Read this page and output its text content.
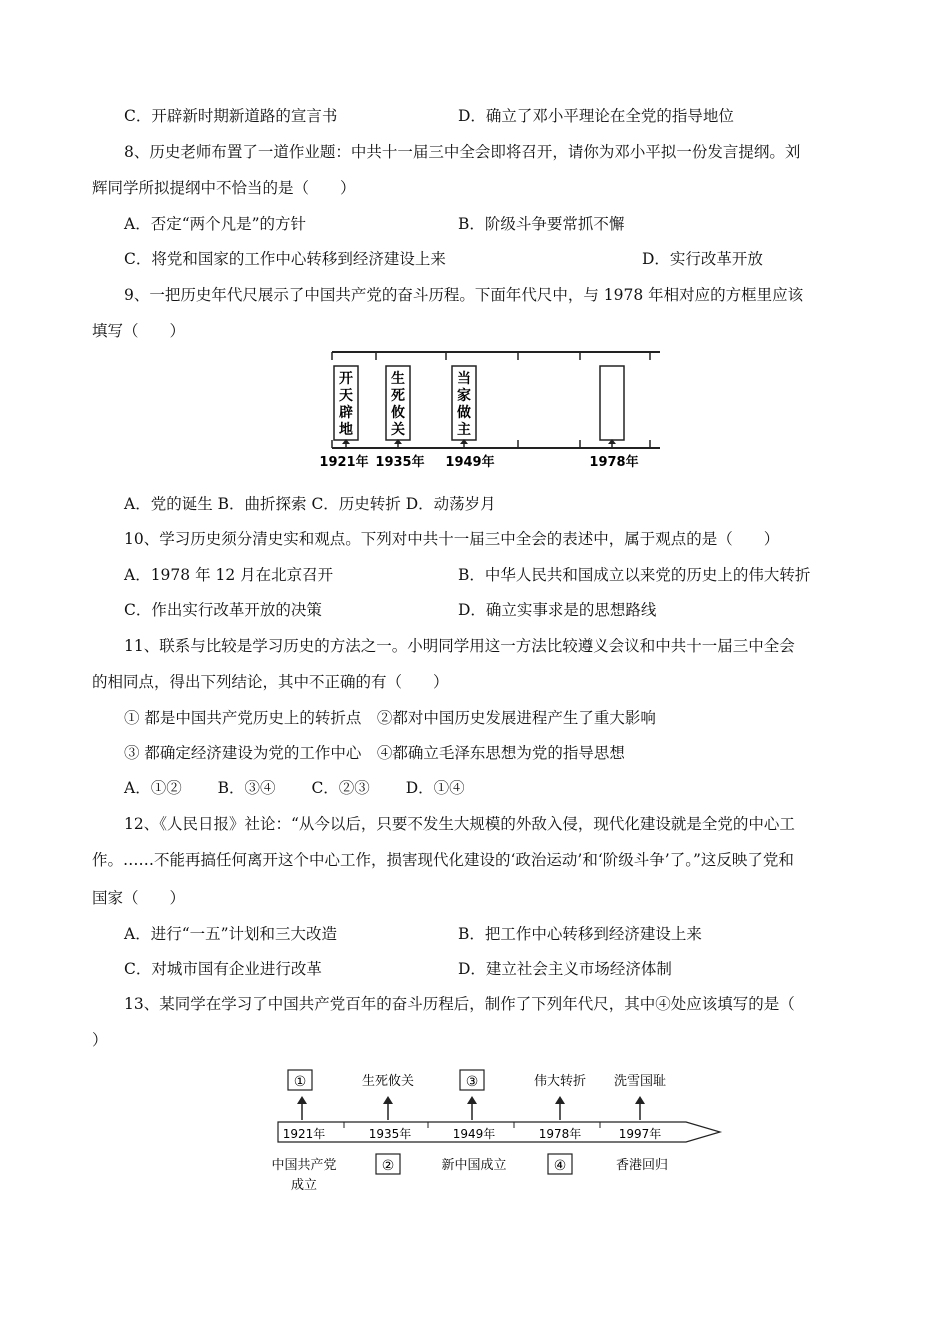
C．开辟新时期新道路的宣言书	D．确立了邓小平理论在全党的指导地位
8、历史老师布置了一道作业题：中共十一届三中全会即将召开，请你为邓小平拟一份发言提纲。刘
辉同学所拟提纲中不恰当的是（　　）
A．否定“两个凡是”的方针	B．阶级斗争要常抓不懈
C．将党和国家的工作中心转移到经济建设上来	D．实行改革开放
9、一把历史年代尺展示了中国共产党的奋斗历程。下面年代尺中，与 1978 年相对应的方框里应该
填写（　　）
开
天
辟
地
生
死
攸
关
当
家
做
主
1921年 1935年 1949年	1978年
A．党的诞生 B．曲折探索 C．历史转折 D．动荡岁月
10、学习历史须分清史实和观点。下列对中共十一届三中全会的表述中，属于观点的是（　　）
A．1978 年 12 月在北京召开	B．中华人民共和国成立以来党的历史上的伟大转折
C．作出实行改革开放的决策	D．确立实事求是的思想路线
11、联系与比较是学习历史的方法之一。小明同学用这一方法比较遵义会议和中共十一届三中全会
的相同点，得出下列结论，其中不正确的有（　　）
① 都是中国共产党历史上的转折点　②都对中国历史发展进程产生了重大影响
③ 都确定经济建设为党的工作中心　④都确立毛泽东思想为党的指导思想
A．①②　　 B．③④　　 C．②③　　 D．①④
12、《人民日报》社论：“从今以后，只要不发生大规模的外敌入侵，现代化建设就是全党的中心工
作。……不能再搞任何离开这个中心工作，损害现代化建设的‘政治运动’和‘阶级斗争’了。”这反映了党和
国家（　　）
A．进行“一五”计划和三大改造	B．把工作中心转移到经济建设上来
C．对城市国有企业进行改革	D．建立社会主义市场经济体制
13、某同学在学习了中国共产党百年的奋斗历程后，制作了下列年代尺，其中④处应该填写的是（
）
①	生死攸关	③	伟大转折 洗雪国耻
1921年	1935年	1949年	1978年	1997年
中国共产党
成立
②	新中国成立	④	香港回归
